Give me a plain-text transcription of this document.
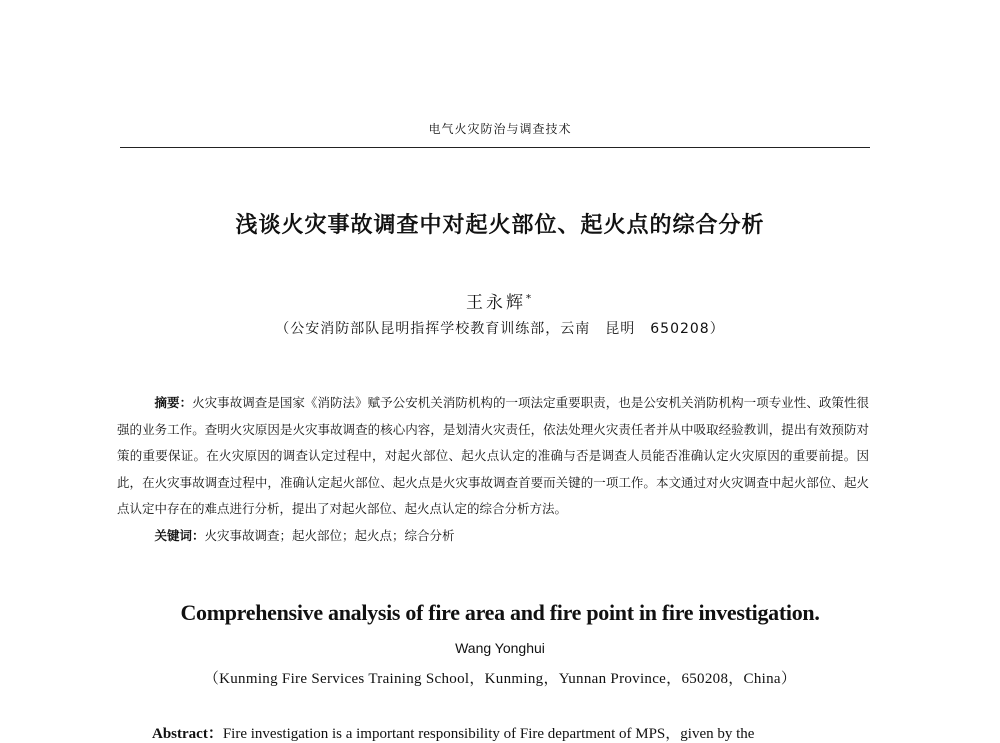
电气火灾防治与调查技术
浅谈火灾事故调查中对起火部位、起火点的综合分析
王永辉*
（公安消防部队昆明指挥学校教育训练部，云南　昆明　650208）

摘要：火灾事故调查是国家《消防法》赋予公安机关消防机构的一项法定重要职责，也是公安机关消防机构一项专业性、政策性很强的业务工作。查明火灾原因是火灾事故调查的核心内容，是划清火灾责任，依法处理火灾责任者并从中吸取经验教训，提出有效预防对策的重要保证。在火灾原因的调查认定过程中，对起火部位、起火点认定的准确与否是调查人员能否准确认定火灾原因的重要前提。因此，在火灾事故调查过程中，准确认定起火部位、起火点是火灾事故调查首要而关键的一项工作。本文通过对火灾调查中起火部位、起火点认定中存在的难点进行分析，提出了对起火部位、起火点认定的综合分析方法。

关键词：火灾事故调查；起火部位；起火点；综合分析
Comprehensive analysis of fire area and fire point in fire investigation.
Wang Yonghui
（Kunming Fire Services Training School，Kunming，Yunnan Province，650208，China）
Abstract：Fire investigation is a important responsibility of Fire department of MPS，given by the
